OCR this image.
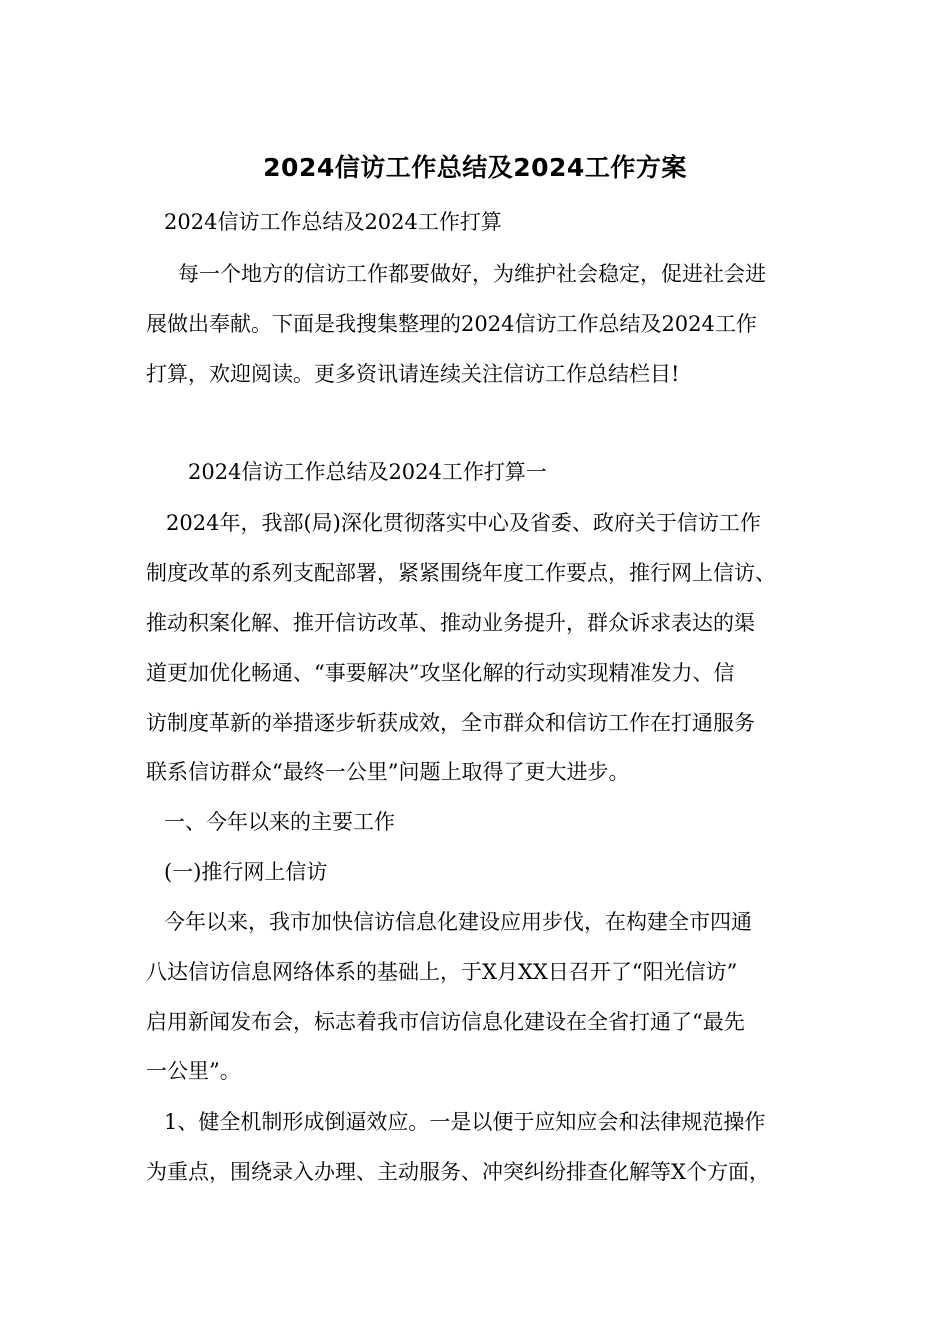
2024信访工作总结及2024工作方案
2024信访工作总结及2024工作打算
每一个地方的信访工作都要做好，为维护社会稳定，促进社会进
展做出奉献。下面是我搜集整理的2024信访工作总结及2024工作
打算，欢迎阅读。更多资讯请连续关注信访工作总结栏目!
2024信访工作总结及2024工作打算一
2024年，我部(局)深化贯彻落实中心及省委、政府关于信访工作
制度改革的系列支配部署，紧紧围绕年度工作要点，推行网上信访、
推动积案化解、推开信访改革、推动业务提升，群众诉求表达的渠
道更加优化畅通、“事要解决”攻坚化解的行动实现精准发力、信
访制度革新的举措逐步斩获成效，全市群众和信访工作在打通服务
联系信访群众“最终一公里”问题上取得了更大进步。
一、今年以来的主要工作
(一)推行网上信访
今年以来，我市加快信访信息化建设应用步伐，在构建全市四通
八达信访信息网络体系的基础上，于X月XX日召开了“阳光信访”
启用新闻发布会，标志着我市信访信息化建设在全省打通了“最先
一公里”。
1、健全机制形成倒逼效应。一是以便于应知应会和法律规范操作
为重点，围绕录入办理、主动服务、冲突纠纷排查化解等X个方面，
